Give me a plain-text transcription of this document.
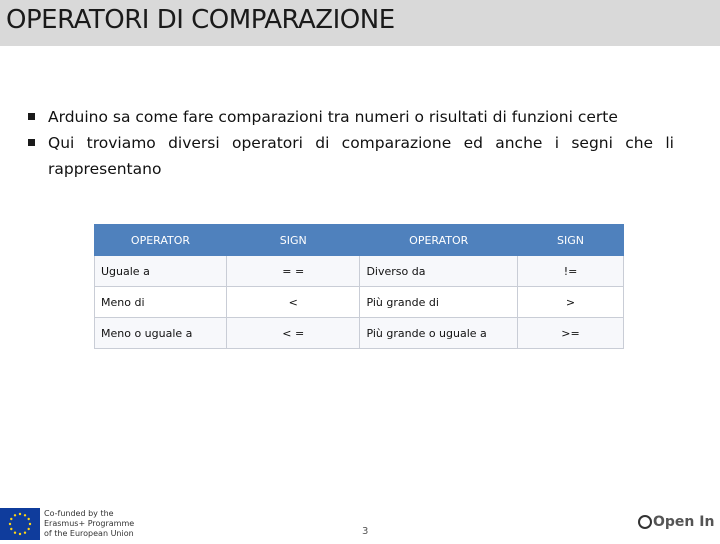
OPERATORI DI COMPARAZIONE
Arduino sa come fare comparazioni tra numeri o risultati di funzioni certe
Qui troviamo diversi operatori di comparazione ed anche i segni che li rappresentano
OPERATOR	SIGN	OPERATOR	SIGN
Uguale a	= =	Diverso da	!=
Meno di	<	Più grande di	>
Meno o uguale a	< =	Più grande o uguale a	>=
Co-funded by the
Erasmus+ Programme
of the European Union	3
Open In
